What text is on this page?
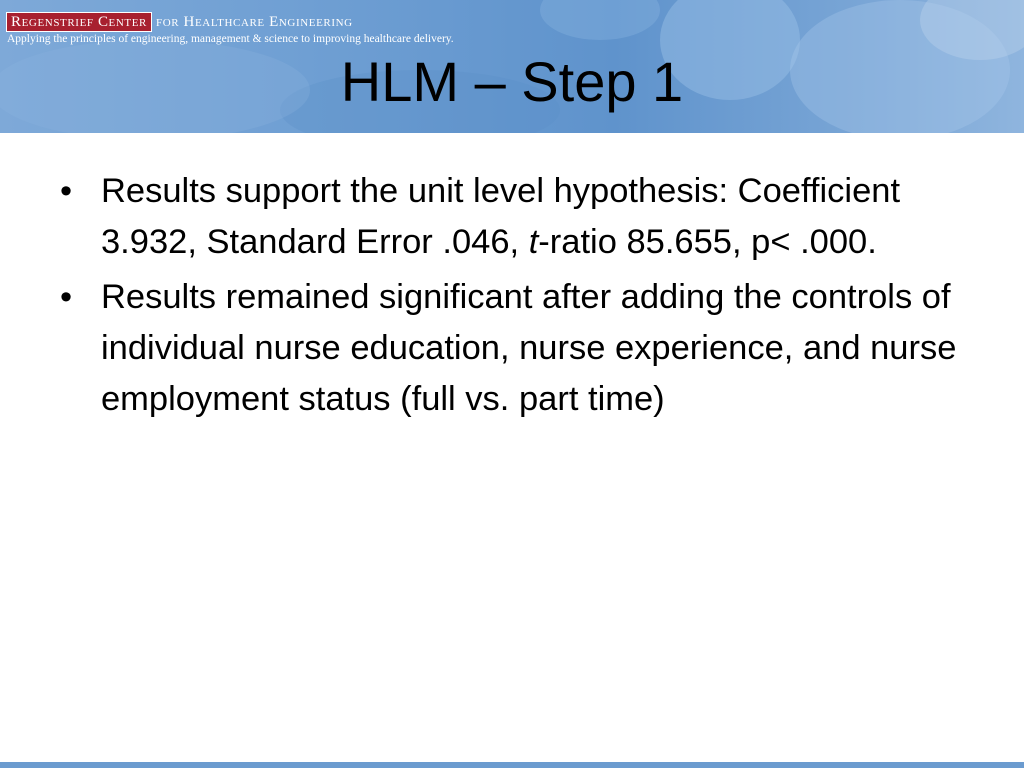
Regenstrief Center for Healthcare Engineering
Applying the principles of engineering, management & science to improving healthcare delivery.
HLM – Step 1
• Results support the unit level hypothesis: Coefficient 3.932, Standard Error .046, t-ratio 85.655, p< .000.
• Results remained significant after adding the controls of individual nurse education, nurse experience, and nurse employment status (full vs. part time)
